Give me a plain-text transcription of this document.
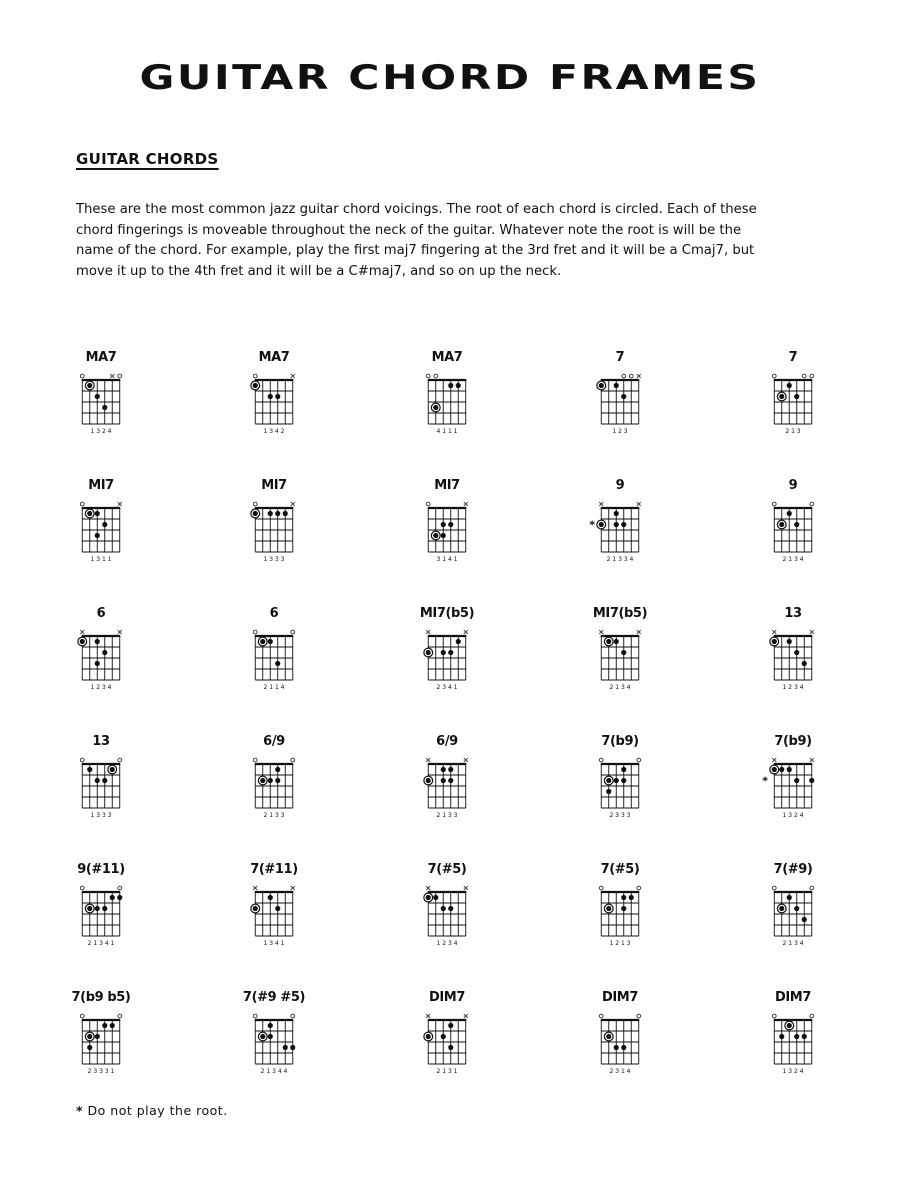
GUITAR CHORD FRAMES
GUITAR CHORDS

These are the most common jazz guitar chord voicings. The root of each chord is circled. Each of these chord fingerings is moveable throughout the neck of the guitar. Whatever note the root is will be the name of the chord. For example, play the first maj7 fingering at the 3rd fret and it will be a Cmaj7, but move it up to the 4th fret and it will be a C#maj7, and so on up the neck.

MA7
1 3 2 4
MA7
1 3 4 2
MA7
4 1 1 1
7
1 2 3
7
2 1 3
MI7
1 3 1 1
MI7
1 3 3 3
MI7
3 1 4 1
9
*
2 1 3 3 4
9
2 1 3 4
6
1 2 3 4
6
2 1 1 4
MI7(b5)
2 3 4 1
MI7(b5)
2 1 3 4
13
1 2 3 4
13
1 3 3 3
6/9
2 1 3 3
6/9
2 1 3 3
7(b9)
2 3 3 3
7(b9)
*
1 3 2 4
9(#11)
2 1 3 4 1
7(#11)
1 3 4 1
7(#5)
1 2 3 4
7(#5)
1 2 1 3
7(#9)
2 1 3 4
7(b9 b5)
2 3 3 3 1
7(#9 #5)
2 1 3 4 4
DIM7
2 1 3 1
DIM7
2 3 1 4
DIM7
1 3 2 4
* Do not play the root.
